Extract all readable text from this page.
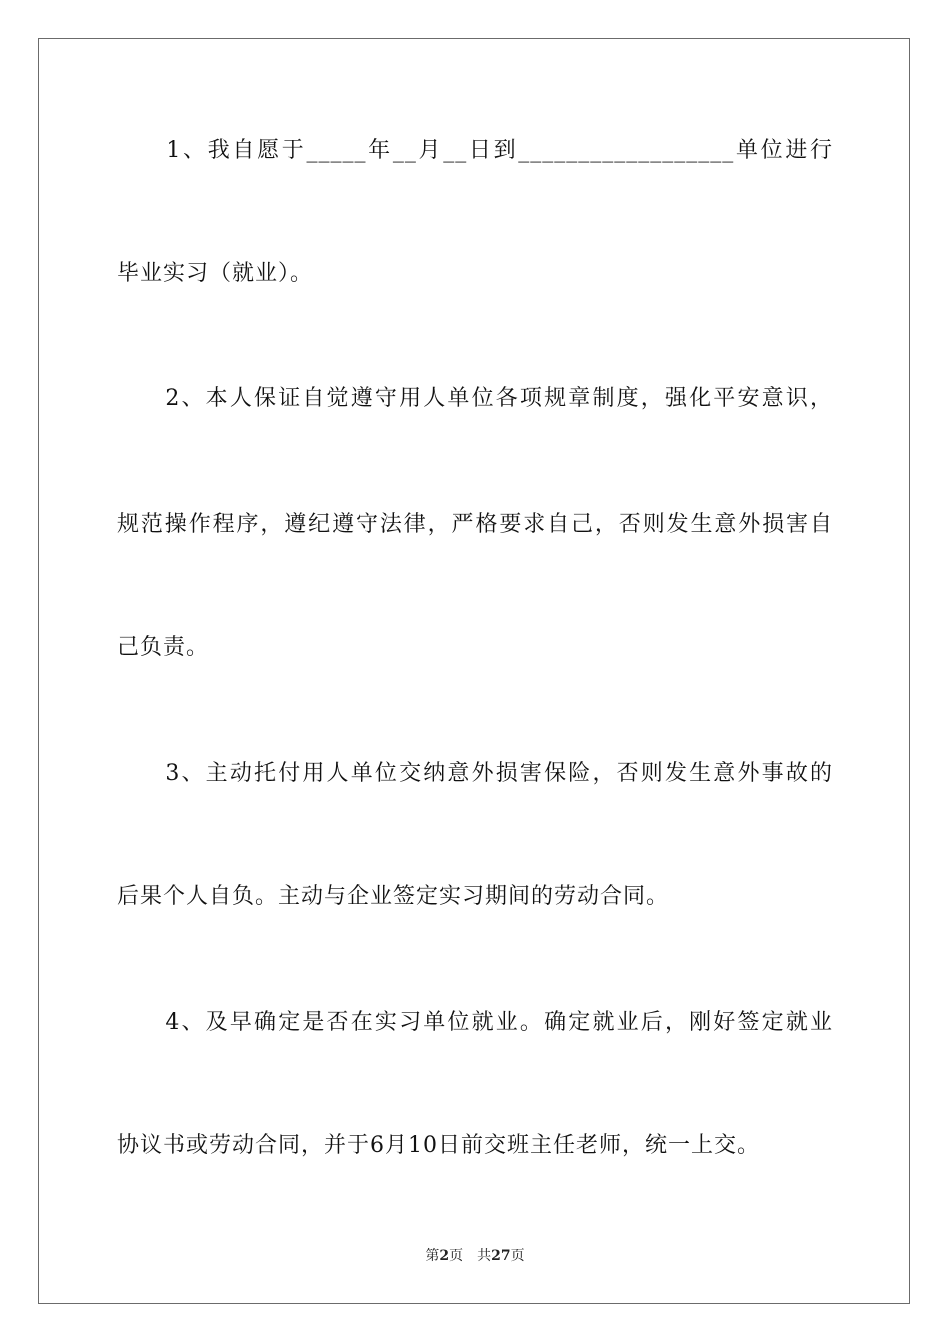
　　1、我自愿于_____年__月__日到__________________单位进行
毕业实习（就业）。
　　2、本人保证自觉遵守用人单位各项规章制度，强化平安意识，
规范操作程序，遵纪遵守法律，严格要求自己，否则发生意外损害自
己负责。
　　3、主动托付用人单位交纳意外损害保险，否则发生意外事故的
后果个人自负。主动与企业签定实习期间的劳动合同。
　　4、及早确定是否在实习单位就业。确定就业后，刚好签定就业
协议书或劳动合同，并于6月10日前交班主任老师，统一上交。
第2页 共27页
